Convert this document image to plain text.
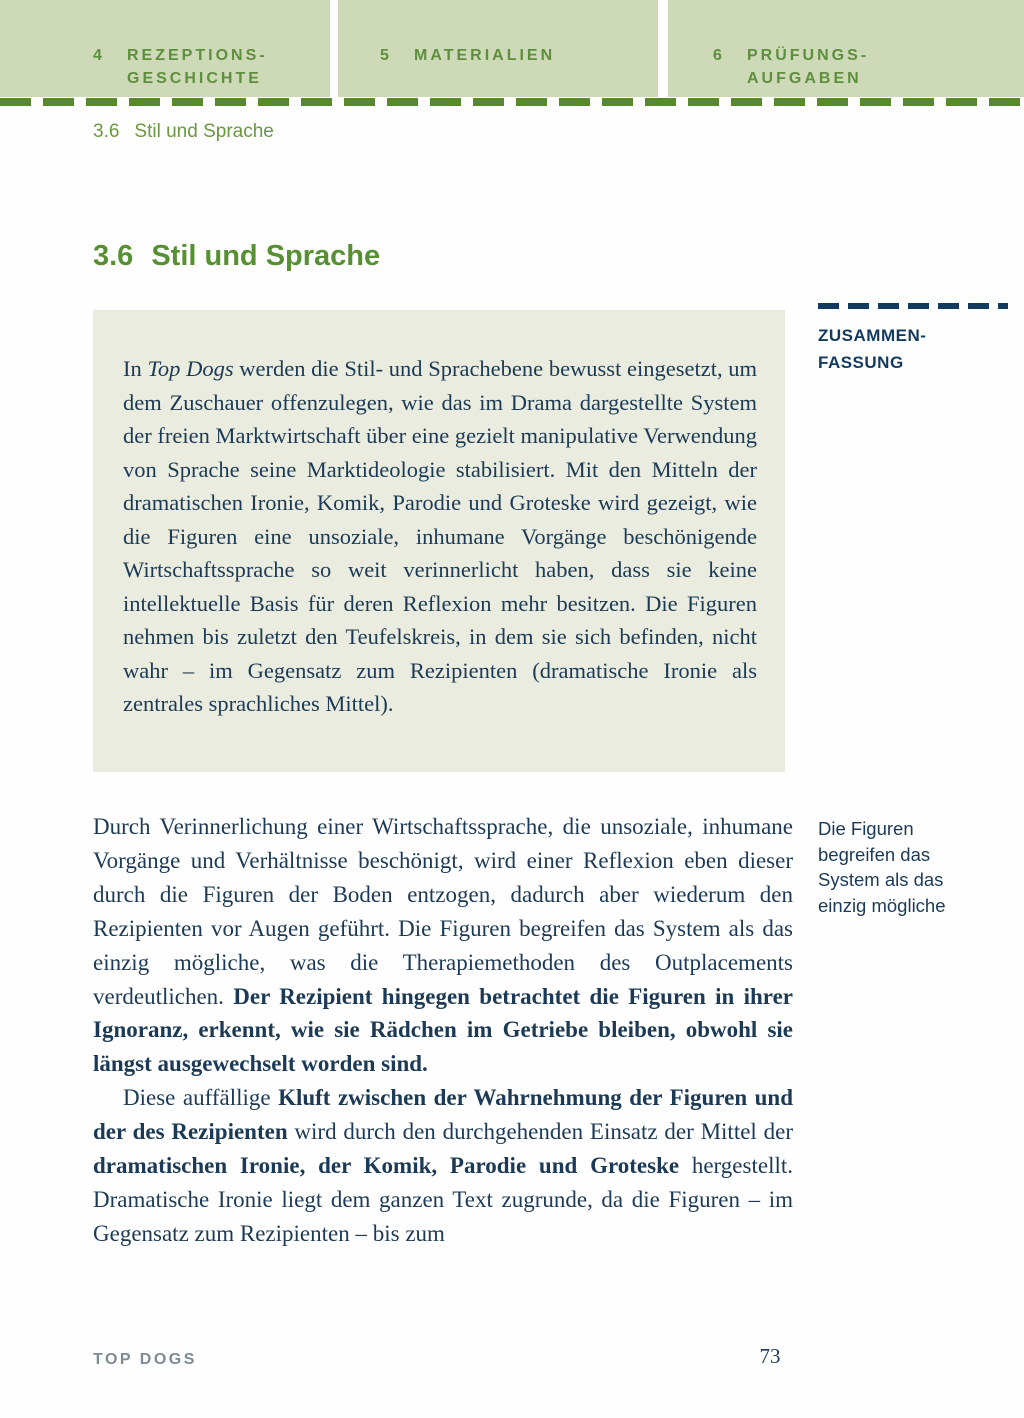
4	REZEPTIONS-
GESCHICHTE
5	MATERIALIEN	6	PRÜFUNGS-
AUFGABEN
3.6 Stil und Sprache
3.6 Stil und Sprache

In Top Dogs werden die Stil- und Sprachebene bewusst eingesetzt, um dem Zuschauer offenzulegen, wie das im Drama dargestellte System der freien Marktwirtschaft über eine gezielt manipulative Verwendung von Sprache seine Marktideologie stabilisiert. Mit den Mitteln der dramatischen Ironie, Komik, Parodie und Groteske wird gezeigt, wie die Figuren eine unsoziale, inhumane Vorgänge beschönigende Wirtschaftssprache so weit verinnerlicht haben, dass sie keine intellektuelle Basis für deren Reflexion mehr besitzen. Die Figuren nehmen bis zuletzt den Teufelskreis, in dem sie sich befinden, nicht wahr – im Gegensatz zum Rezipienten (dramatische Ironie als zentrales sprachliches Mittel).

ZUSAMMEN-
FASSUNG

Durch Verinnerlichung einer Wirtschaftssprache, die unsoziale, inhumane Vorgänge und Verhältnisse beschönigt, wird einer Reflexion eben dieser durch die Figuren der Boden entzogen, dadurch aber wiederum den Rezipienten vor Augen geführt. Die Figuren begreifen das System als das einzig mögliche, was die Therapiemethoden des Outplacements verdeutlichen. Der Rezipient hingegen betrachtet die Figuren in ihrer Ignoranz, erkennt, wie sie Rädchen im Getriebe bleiben, obwohl sie längst ausgewechselt worden sind.

Diese auffällige Kluft zwischen der Wahrnehmung der Figuren und der des Rezipienten wird durch den durchgehenden Einsatz der Mittel der dramatischen Ironie, der Komik, Parodie und Groteske hergestellt. Dramatische Ironie liegt dem ganzen Text zugrunde, da die Figuren – im Gegensatz zum Rezipienten – bis zum

Die Figuren begreifen das System als das einzig mögliche
TOP DOGS	73
